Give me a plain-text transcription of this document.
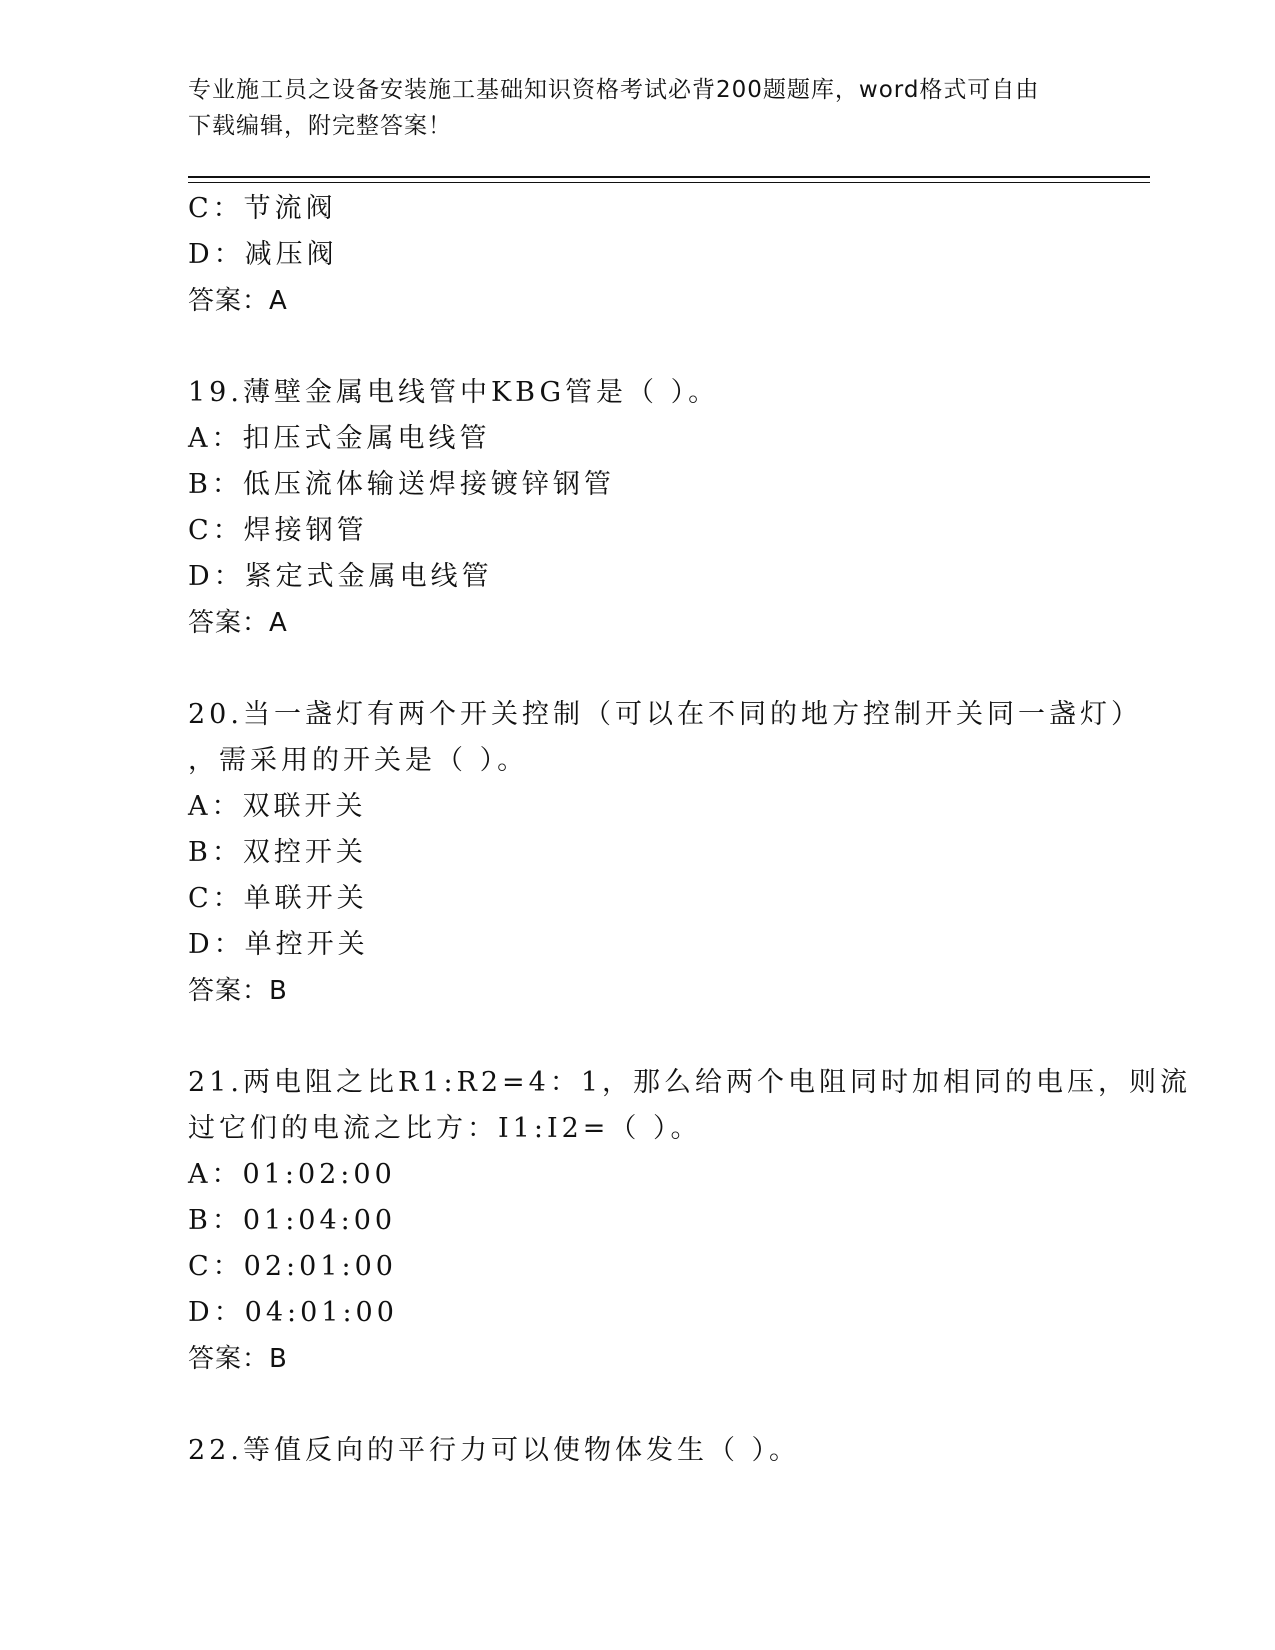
专业施工员之设备安装施工基础知识资格考试必背200题题库，word格式可自由
下载编辑，附完整答案！
C：节流阀
D：减压阀
答案：A
19.薄壁金属电线管中KBG管是（ ）。
A：扣压式金属电线管
B：低压流体输送焊接镀锌钢管
C：焊接钢管
D：紧定式金属电线管
答案：A
20.当一盏灯有两个开关控制（可以在不同的地方控制开关同一盏灯）
，需采用的开关是（ ）。
A：双联开关
B：双控开关
C：单联开关
D：单控开关
答案：B
21.两电阻之比R1:R2=4：1，那么给两个电阻同时加相同的电压，则流
过它们的电流之比方：I1:I2=（ ）。
A：01:02:00
B：01:04:00
C：02:01:00
D：04:01:00
答案：B
22.等值反向的平行力可以使物体发生（ ）。
